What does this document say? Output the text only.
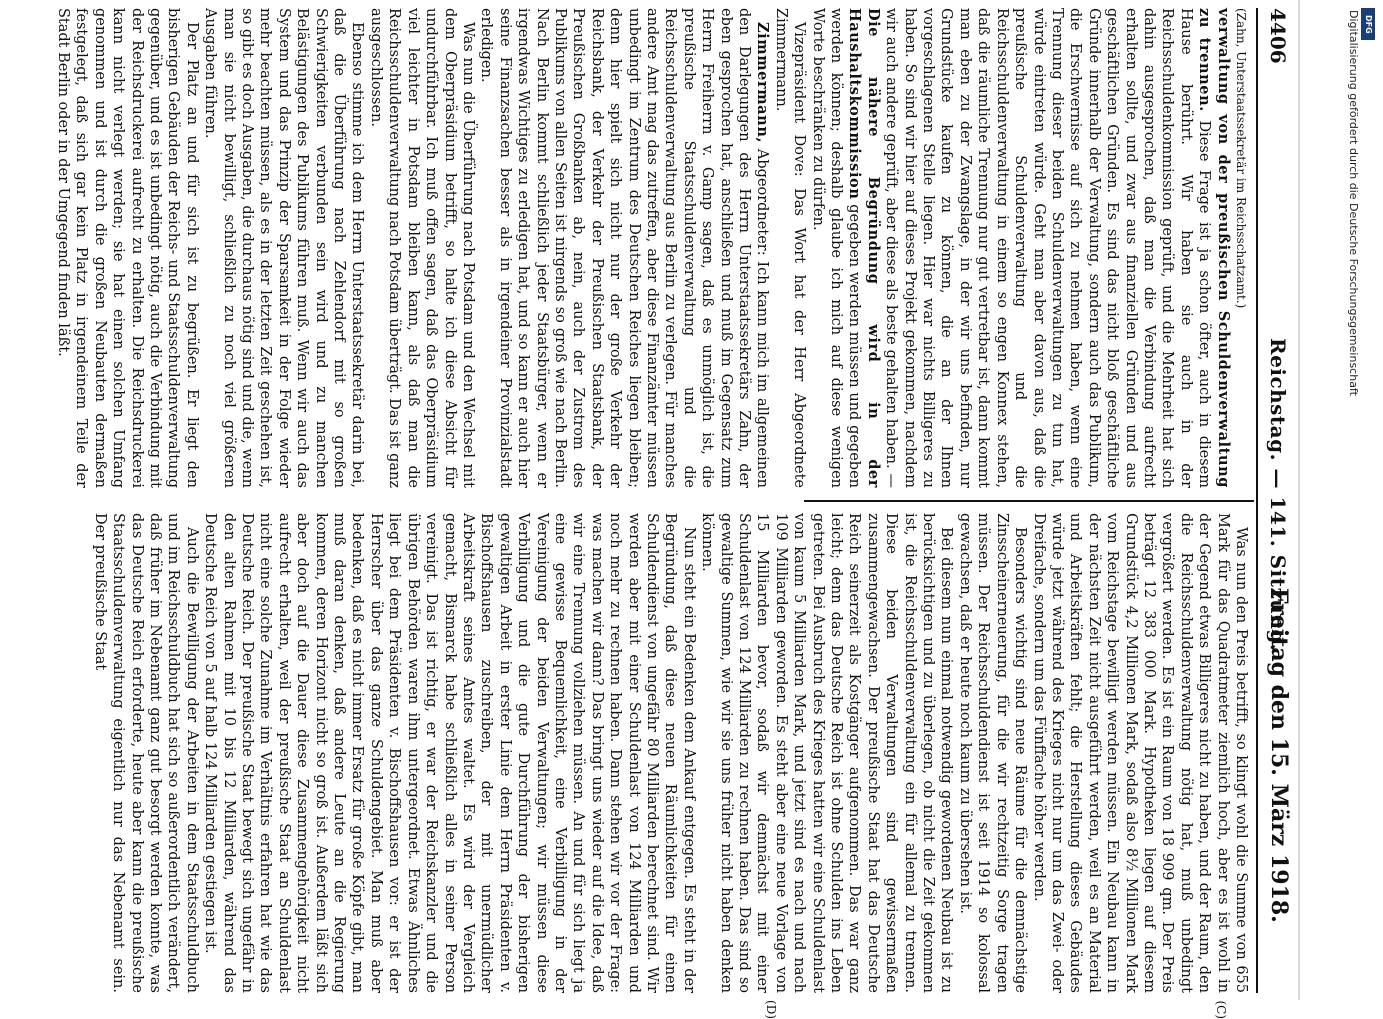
4406
Reichstag. — 141. Sitzung.
Freitag den 15. März 1918.

(Zahn, Unterstaatssekretär im Reichsschatzamt.)

verwaltung von der preußischen Schuldenverwaltung zu trennen. Diese Frage ist ja schon öfter, auch in diesem Hause berührt. Wir haben sie auch in der Reichsschuldenkommission geprüft, und die Mehrheit hat sich dahin ausgesprochen, daß man die Verbindung aufrecht erhalten sollte, und zwar aus finanziellen Gründen und aus geschäftlichen Gründen. Es sind das nicht bloß geschäftliche Gründe innerhalb der Verwaltung, sondern auch das Publikum, die Erschwernisse auf sich zu nehmen haben, wenn eine Trennung dieser beiden Schuldenverwaltungen zu tun hat, würde eintreten würde. Geht man aber davon aus, daß die preußische Schuldenverwaltung und die Reichsschuldenverwaltung in einem so engen Konnex stehen, daß die räumliche Trennung nur gut vertretbar ist, dann kommt man eben zu der Zwangslage, in der wir uns befinden, nur Grundstücke kaufen zu können, die an der Ihnen vorgeschlagenen Stelle liegen. Hier war nichts Billigeres zu haben. So sind wir hier auf dieses Projekt gekommen, nachdem wir auch andere geprüft, aber diese als beste gehalten haben. — Die nähere Begründung wird in der Haushaltskommission gegeben werden müssen und gegeben werden können; deshalb glaube ich mich auf diese wenigen Worte beschränken zu dürfen.

Vizepräsident Dove: Das Wort hat der Herr Abgeordnete Zimmermann.

Zimmermann, Abgeordneter: Ich kann mich im allgemeinen den Darlegungen des Herrn Unterstaatssekretärs Zahn, der eben gesprochen hat, anschließen und muß im Gegensatz zum Herrn Freiherrn v. Gamp sagen, daß es unmöglich ist, die preußische Staatsschuldenverwaltung und die Reichsschuldenverwaltung aus Berlin zu verlegen. Für manches andere Amt mag das zutreffen, aber diese Finanzämter müssen unbedingt im Zentrum des Deutschen Reiches liegen bleiben; denn hier spielt sich nicht nur der große Verkehr der Reichsbank, der Verkehr der Preußischen Staatsbank, der Preußischen Großbanken ab, nein, auch der Zustrom des Publikums von allen Seiten ist nirgends so groß wie nach Berlin. Nach Berlin kommt schließlich jeder Staatsbürger, wenn er irgendwas Wichtiges zu erledigen hat, und so kann er auch hier seine Finanzsachen besser als in irgendeiner Provinzialstadt erledigen.

Was nun die Überführung nach Potsdam und den Wechsel mit dem Oberpräsidium betrifft, so halte ich diese Absicht für undurchführbar. Ich muß offen sagen, daß das Oberpräsidium viel leichter in Potsdam bleiben kann, als daß man die Reichsschuldenverwaltung nach Potsdam überträgt. Das ist ganz ausgeschlossen.

Ebenso stimme ich dem Herrn Unterstaatssekretär darin bei, daß die Überführung nach Zehlendorf mit so großen Schwierigkeiten verbunden sein wird und zu manchen Belästigungen des Publikums führen muß. Wenn wir auch das System und das Prinzip der Sparsamkeit in der Folge wieder mehr beachten müssen, als es in der letzten Zeit geschehen ist, so gibt es doch Ausgaben, die durchaus nötig sind und die, wenn man sie nicht bewilligt, schließlich zu noch viel größeren Ausgaben führen.

Der Platz an und für sich ist zu begrüßen. Er liegt den bisherigen Gebäuden der Reichs- und Staatsschuldenverwaltung gegenüber, und es ist unbedingt nötig, auch die Verbindung mit der Reichsdruckerei aufrecht zu erhalten. Die Reichsdruckerei kann nicht verlegt werden; sie hat einen solchen Umfang genommen und ist durch die großen Neubauten dermaßen festgelegt, daß sich gar kein Platz in irgendeinem Teile der Stadt Berlin oder in der Umgegend finden läßt.

(C)
(D)

Was nun den Preis betrifft, so klingt wohl die Summe von 655 Mark für das Quadratmeter ziemlich hoch, aber es ist wohl in der Gegend etwas Billigeres nicht zu haben, und der Raum, den die Reichsschuldenverwaltung nötig hat, muß unbedingt vergrößert werden. Es ist ein Raum von 18 909 qm. Der Preis beträgt 12 383 000 Mark. Hypotheken liegen auf diesem Grundstück 4,2 Millionen Mark, sodaß also 8½ Millionen Mark vom Reichstage bewilligt werden müssen. Ein Neubau kann in der nächsten Zeit nicht ausgeführt werden, weil es an Material und Arbeitskräften fehlt; die Herstellung dieses Gebäudes würde jetzt während des Krieges nicht nur um das Zwei- oder Dreifache, sondern um das Fünffache höher werden.

Besonders wichtig sind neue Räume für die demnächstige Zinsscheinerneuerung, für die wir rechtzeitig Sorge tragen müssen. Der Reichsschuldendienst ist seit 1914 so kolossal gewachsen, daß er heute noch kaum zu übersehen ist.

Bei diesem nun einmal notwendig gewordenen Neubau ist zu berücksichtigen und zu überlegen, ob nicht die Zeit gekommen ist, die Reichsschuldenverwaltung ein für allemal zu trennen. Diese beiden Verwaltungen sind gewissermaßen zusammengewachsen. Der preußische Staat hat das Deutsche Reich seinerzeit als Kostgänger aufgenommen. Das war ganz leicht; denn das Deutsche Reich ist ohne Schulden ins Leben getreten. Bei Ausbruch des Krieges hatten wir eine Schuldenlast von kaum 5 Milliarden Mark, und jetzt sind es nach und nach 109 Milliarden geworden. Es steht aber eine neue Vorlage von 15 Milliarden bevor, sodaß wir demnächst mit einer Schuldenlast von 124 Milliarden zu rechnen haben. Das sind so gewaltige Summen, wie wir sie uns früher nicht haben denken können.

Nun steht ein Bedenken dem Ankauf entgegen. Es steht in der Begründung, daß diese neuen Räumlichkeiten für einen Schuldendienst von ungefähr 80 Milliarden berechnet sind. Wir werden aber mit einer Schuldenlast von 124 Milliarden und noch mehr zu rechnen haben. Dann stehen wir vor der Frage: was machen wir dann? Das bringt uns wieder auf die Idee, daß wir eine Trennung vollziehen müssen. An und für sich liegt ja eine gewisse Bequemlichkeit, eine Verbilligung in der Vereinigung der beiden Verwaltungen; wir müssen diese Verbilligung und die gute Durchführung der bisherigen gewaltigen Arbeit in erster Linie dem Herrn Präsidenten v. Bischoffshausen zuschreiben, der mit unermüdlicher Arbeitskraft seines Amtes waltet. Es wird der Vergleich gemacht, Bismarck habe schließlich alles in seiner Person vereinigt. Das ist richtig, er war der Reichskanzler und die übrigen Behörden waren ihm untergeordnet. Etwas Ähnliches liegt bei dem Präsidenten v. Bischoffshausen vor: er ist der Herrscher über das ganze Schuldengebiet. Man muß aber bedenken, daß es nicht immer Ersatz für große Köpfe gibt, man muß daran denken, daß andere Leute an die Regierung kommen, deren Horizont nicht so groß ist. Außerdem läßt sich aber doch auf die Dauer diese Zusammengehörigkeit nicht aufrecht erhalten, weil der preußische Staat an Schuldenlast nicht eine solche Zunahme im Verhältnis erfahren hat wie das Deutsche Reich. Der preußische Staat bewegt sich ungefähr in den alten Rahmen mit 10 bis 12 Milliarden, während das Deutsche Reich von 5 auf halb 124 Milliarden gestiegen ist.

Auch die Bewilligung der Arbeiten in dem Staatsschuldbuch und im Reichsschuldbuch hat sich so außerordentlich verändert, daß früher im Nebenamt ganz gut besorgt werden konnte, was das Deutsche Reich erforderte, heute aber kann die preußische Staatsschuldenverwaltung eigentlich nur das Nebenamt sein. Der preußische Staat

DFG
Digitalisierung gefördert durch die Deutsche Forschungsgemeinschaft
